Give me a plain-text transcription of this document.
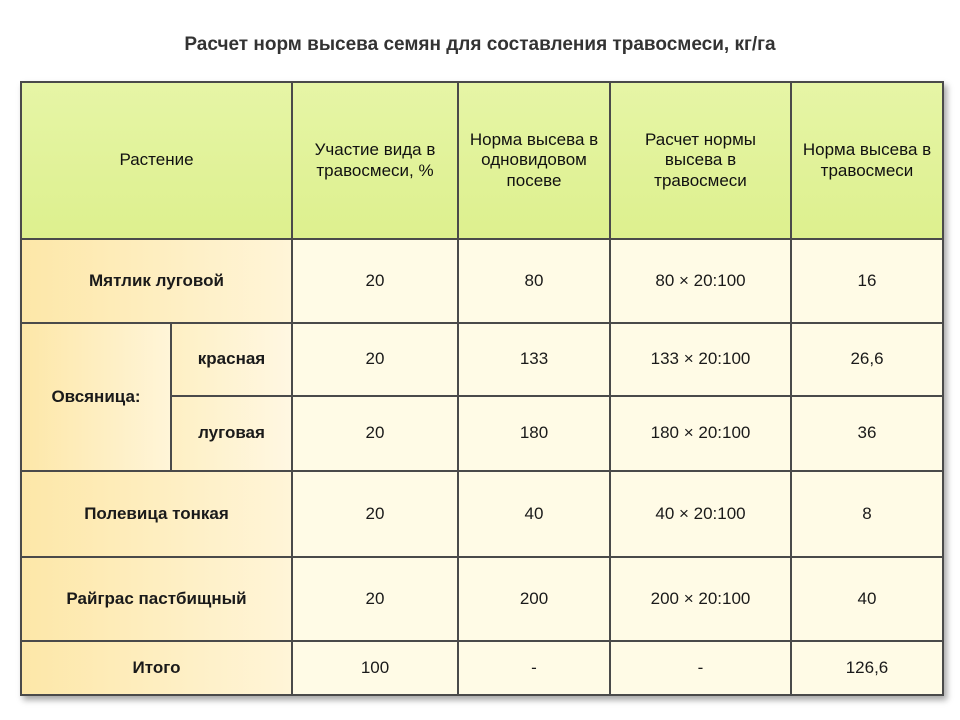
Расчет норм высева семян для составления травосмеси, кг/га
Растение		Участие вида в травосмеси, %	Норма высева в одновидовом посеве	Расчет нормы высева в травосмеси	Норма высева в травосмеси
Мятлик луговой		20	80	80 × 20:100	16
Овсяница:	красная	20	133	133 × 20:100	26,6
	луговая	20	180	180 × 20:100	36
Полевица тонкая		20	40	40 × 20:100	8
Райграс пастбищный		20	200	200 × 20:100	40
Итого		100	-	-	126,6
